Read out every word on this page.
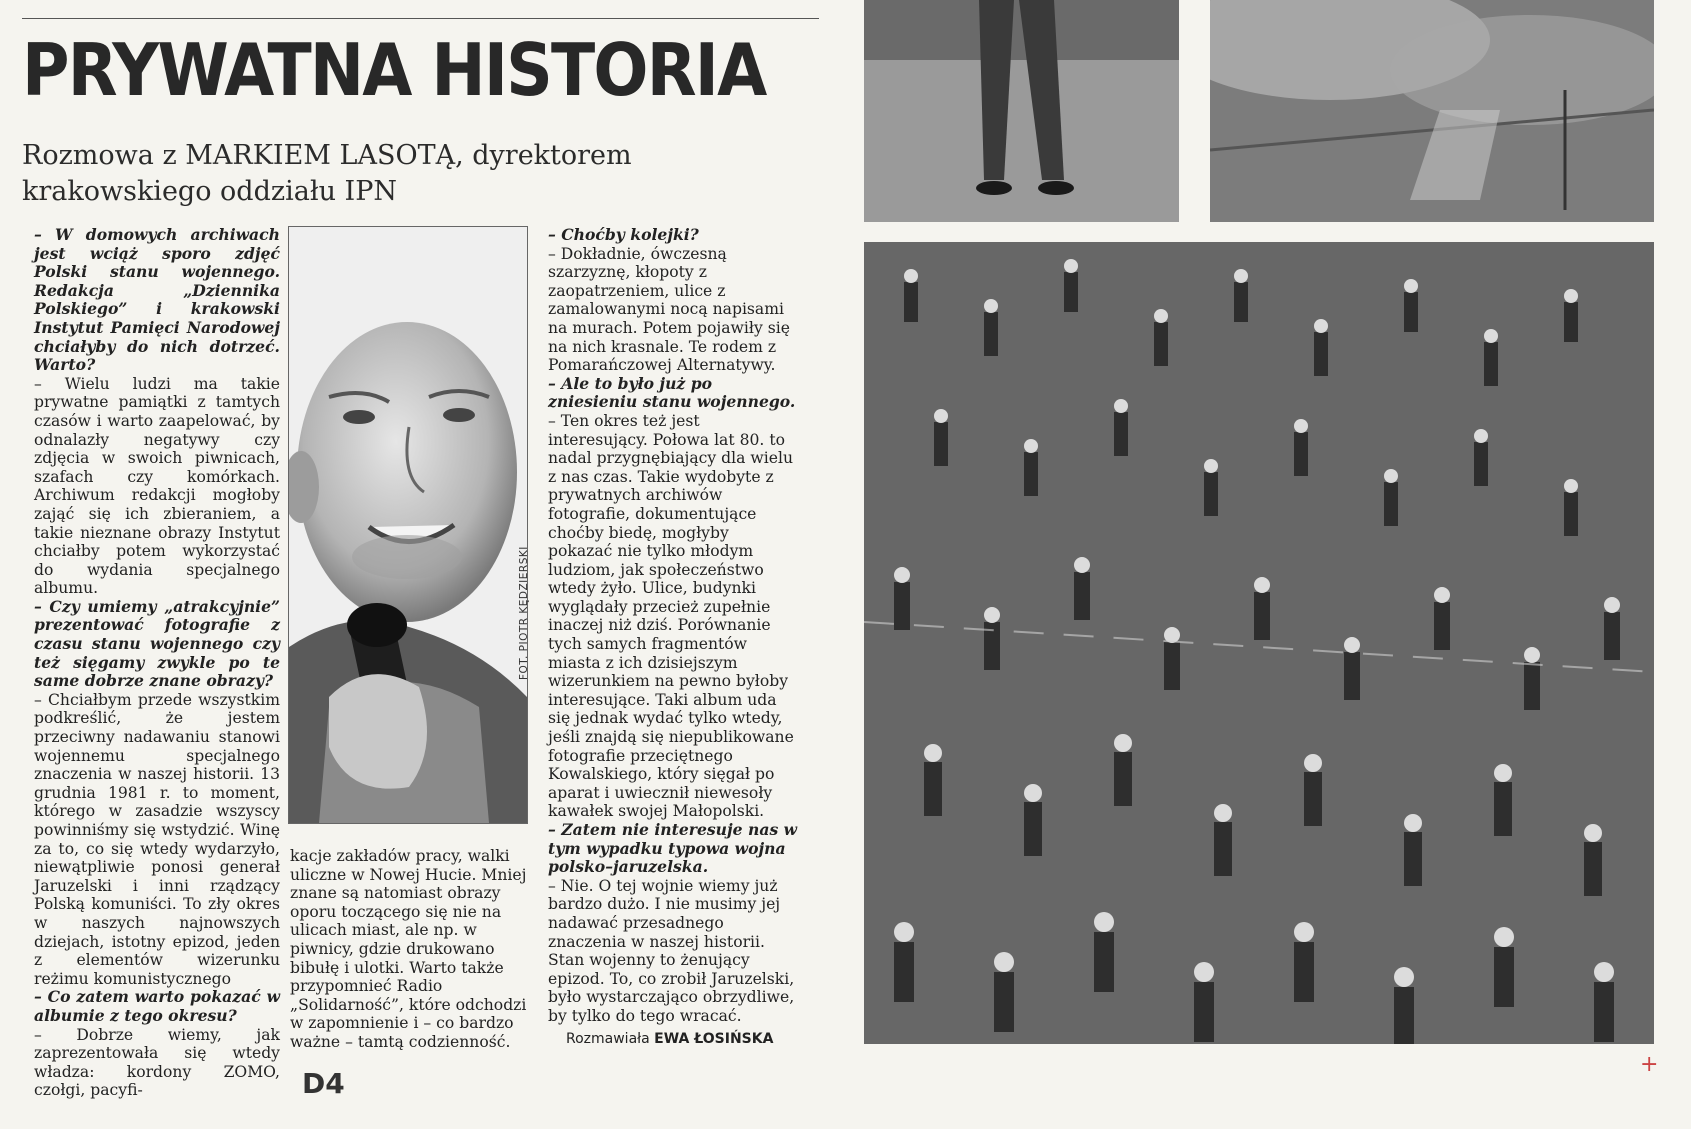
PRYWATNA HISTORIA
Rozmowa z MARKIEM LASOTĄ, dyrektorem krakowskiego oddziału IPN

– W domowych archiwach jest wciąż sporo zdjęć Polski stanu wojennego. Redakcja „Dziennika Polskiego” i krakowski Instytut Pamięci Narodowej chciałyby do nich dotrzeć. Warto?

– Wielu ludzi ma takie prywatne pamiątki z tamtych czasów i warto zaapelować, by odnalazły negatywy czy zdjęcia w swoich piwnicach, szafach czy komórkach. Archiwum redakcji mogłoby zająć się ich zbieraniem, a takie nieznane obrazy Instytut chciałby potem wykorzystać do wydania specjalnego albumu.

– Czy umiemy „atrakcyjnie” prezentować fotografie z czasu stanu wojennego czy też sięgamy zwykle po te same dobrze znane obrazy?

– Chciałbym przede wszystkim podkreślić, że jestem przeciwny nadawaniu stanowi wojennemu specjalnego znaczenia w naszej historii. 13 grudnia 1981 r. to moment, którego w zasadzie wszyscy powinniśmy się wstydzić. Winę za to, co się wtedy wydarzyło, niewątpliwie ponosi generał Jaruzelski i inni rządzący Polską komuniści. To zły okres w naszych najnowszych dziejach, istotny epizod, jeden z elementów wizerunku reżimu komunistycznego

– Co zatem warto pokazać w albumie z tego okresu?

– Dobrze wiemy, jak zaprezentowała się wtedy władza: kordony ZOMO, czołgi, pacyfi-

kacje zakładów pracy, walki uliczne w Nowej Hucie. Mniej znane są natomiast obrazy oporu toczącego się nie na ulicach miast, ale np. w piwnicy, gdzie drukowano bibułę i ulotki. Warto także przypomnieć Radio „Solidarność”, które odchodzi w zapomnienie i – co bardzo ważne – tamtą codzienność.

– Choćby kolejki?

– Dokładnie, ówczesną szarzyznę, kłopoty z zaopatrzeniem, ulice z zamalowanymi nocą napisami na murach. Potem pojawiły się na nich krasnale. Te rodem z Pomarańczowej Alternatywy.

– Ale to było już po zniesieniu stanu wojennego.

– Ten okres też jest interesujący. Połowa lat 80. to nadal przygnębiający dla wielu z nas czas. Takie wydobyte z prywatnych archiwów fotografie, dokumentujące choćby biedę, mogłyby pokazać nie tylko młodym ludziom, jak społeczeństwo wtedy żyło. Ulice, budynki wyglądały przecież zupełnie inaczej niż dziś. Porównanie tych samych fragmentów miasta z ich dzisiejszym wizerunkiem na pewno byłoby interesujące. Taki album uda się jednak wydać tylko wtedy, jeśli znajdą się niepublikowane fotografie przeciętnego Kowalskiego, który sięgał po aparat i uwiecznił niewesoły kawałek swojej Małopolski.

– Zatem nie interesuje nas w tym wypadku typowa wojna polsko–jaruzelska.

– Nie. O tej wojnie wiemy już bardzo dużo. I nie musimy jej nadawać przesadnego znaczenia w naszej historii. Stan wojenny to żenujący epizod. To, co zrobił Jaruzelski, było wystarczająco obrzydliwe, by tylko do tego wracać.

Rozmawiała EWA ŁOSIŃSKA
D4
FOT. PIOTR KĘDZIERSKI
+
